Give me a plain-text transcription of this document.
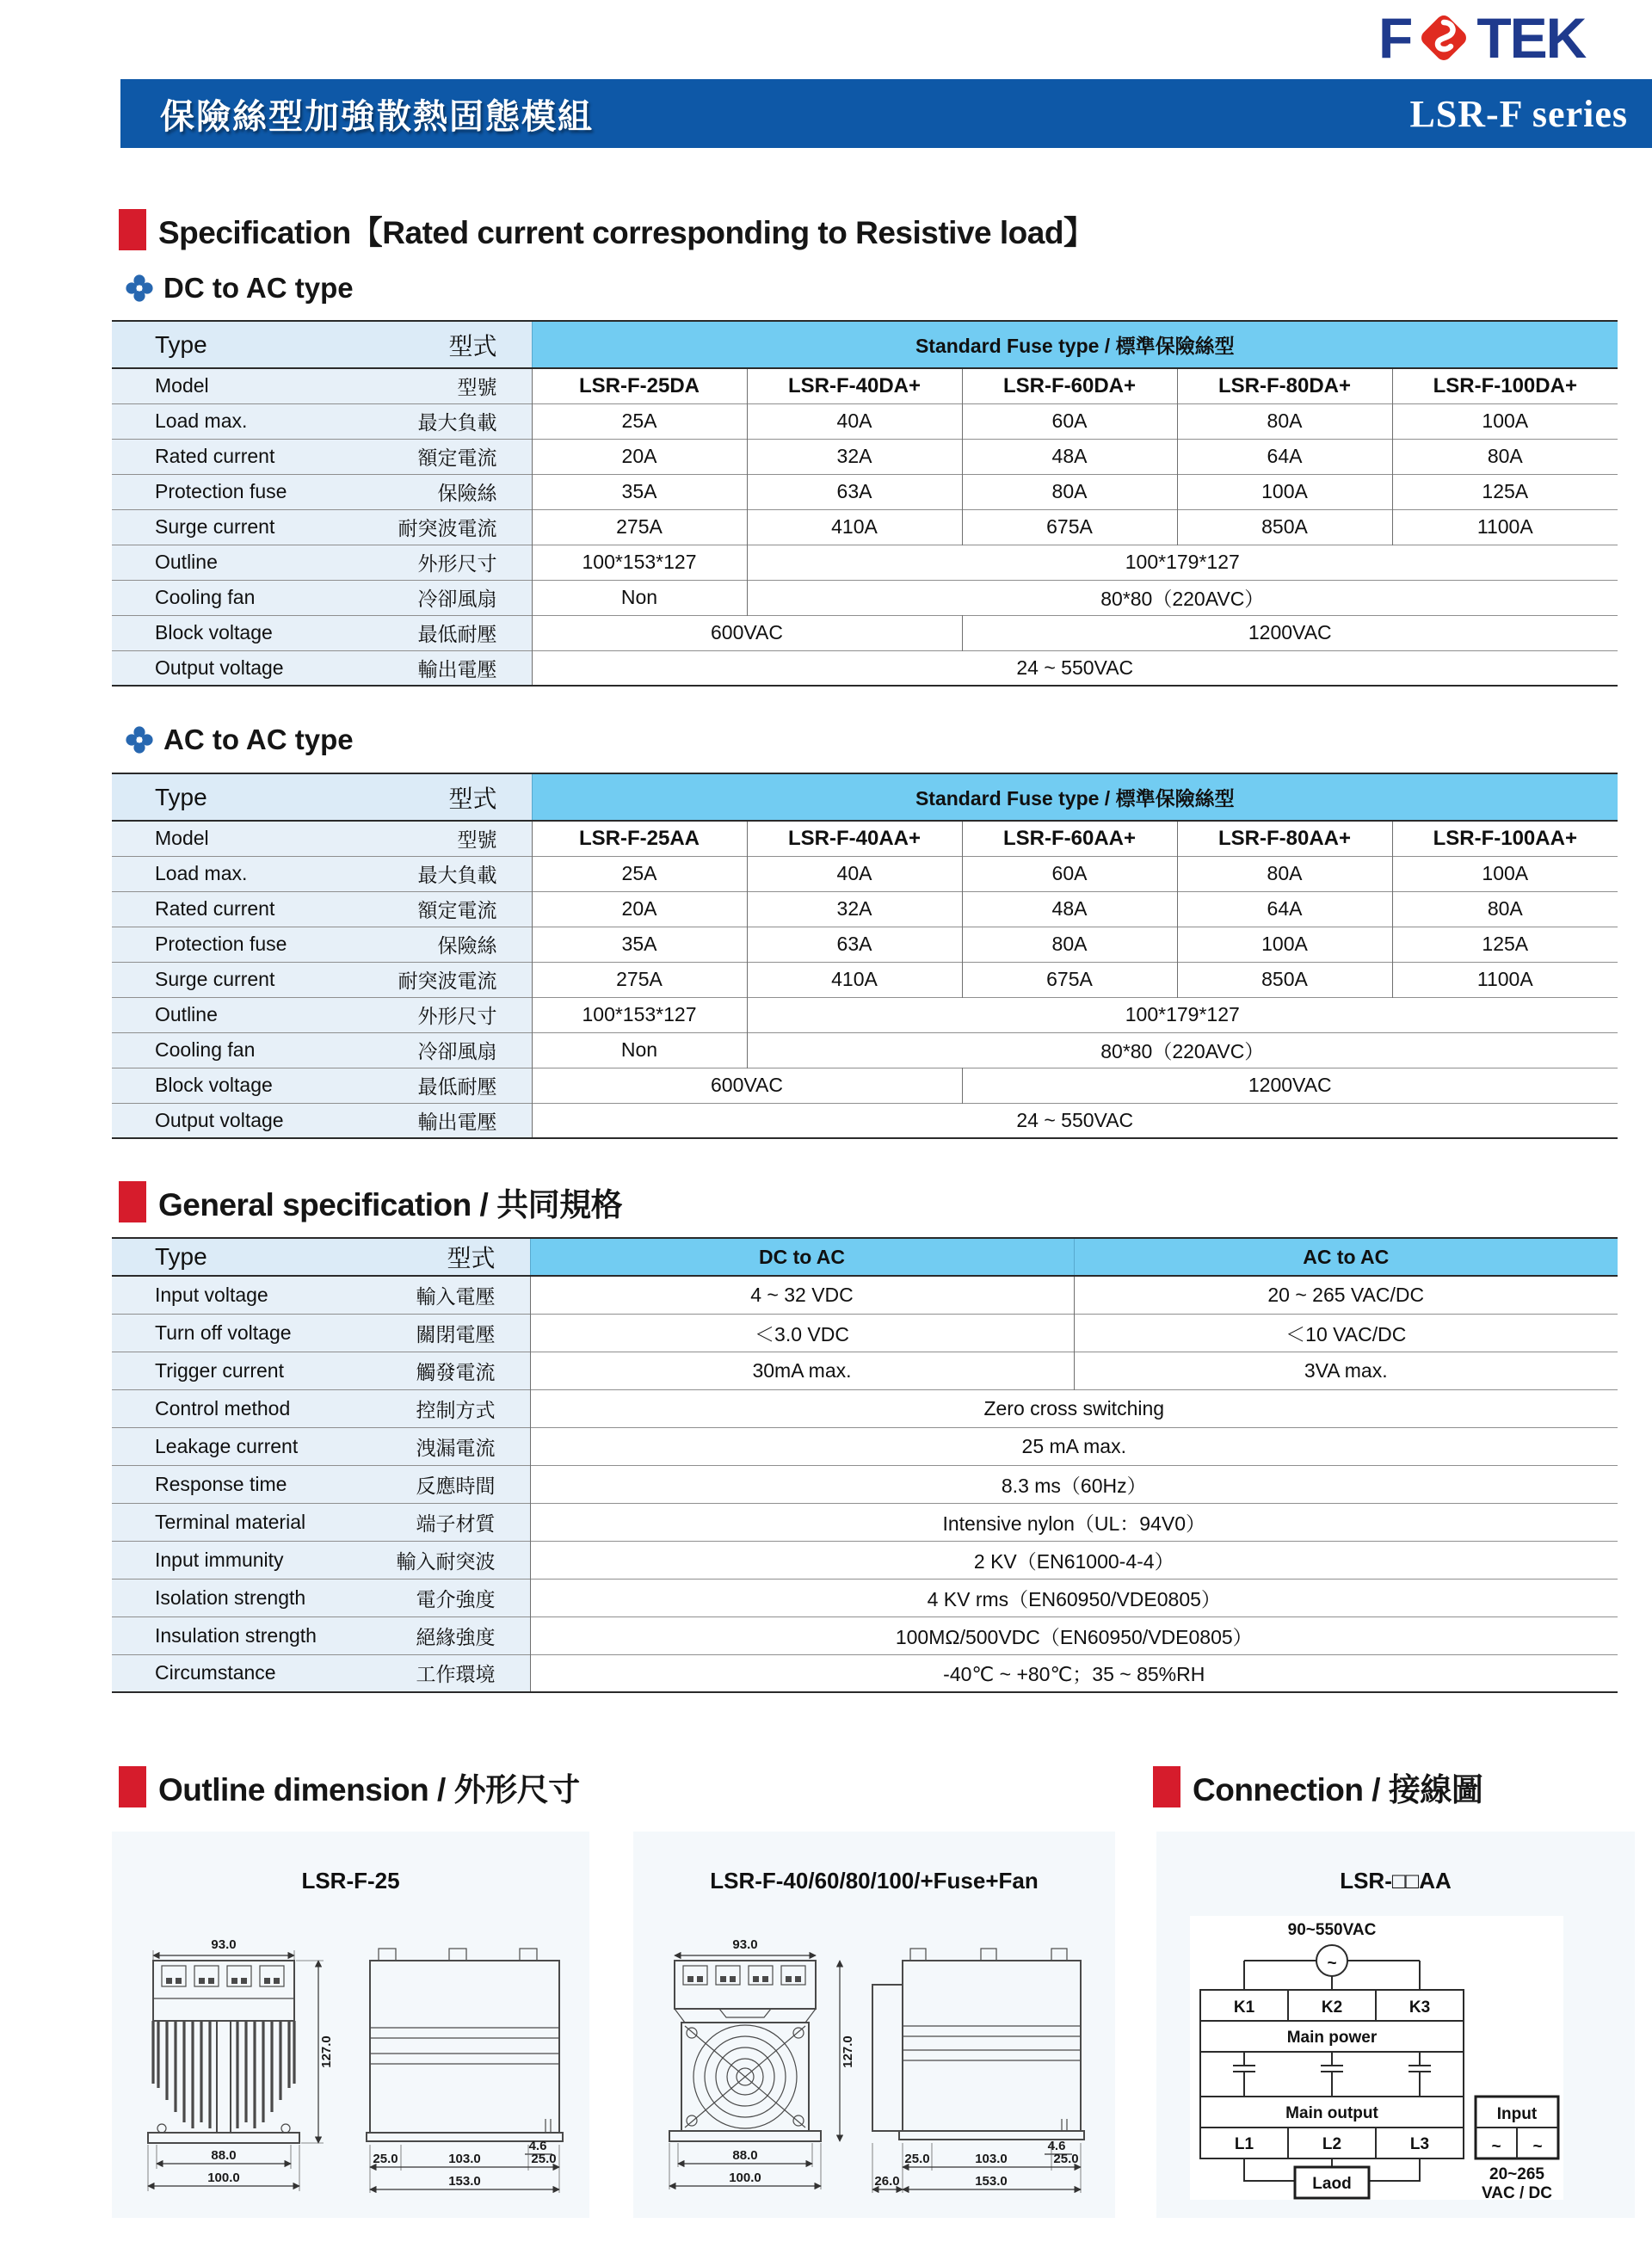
F TEK
保險絲型加強散熱固態模組	LSR-F series
Specification【Rated current corresponding to Resistive load】
DC to AC type
Type	型式	Standard Fuse type / 標準保險絲型				
Model	型號	LSR-F-25DA	LSR-F-40DA+	LSR-F-60DA+	LSR-F-80DA+	LSR-F-100DA+
Load max.	最大負載	25A	40A	60A	80A	100A
Rated current	額定電流	20A	32A	48A	64A	80A
Protection fuse	保險絲	35A	63A	80A	100A	125A
Surge current	耐突波電流	275A	410A	675A	850A	1100A
Outline	外形尺寸	100*153*127	100*179*127			
Cooling fan	冷卻風扇	Non	80*80（220AVC）			
Block voltage	最低耐壓	600VAC		1200VAC		
Output voltage	輸出電壓	24 ~ 550VAC				
AC to AC type
Type	型式	Standard Fuse type / 標準保險絲型				
Model	型號	LSR-F-25AA	LSR-F-40AA+	LSR-F-60AA+	LSR-F-80AA+	LSR-F-100AA+
Load max.	最大負載	25A	40A	60A	80A	100A
Rated current	額定電流	20A	32A	48A	64A	80A
Protection fuse	保險絲	35A	63A	80A	100A	125A
Surge current	耐突波電流	275A	410A	675A	850A	1100A
Outline	外形尺寸	100*153*127	100*179*127			
Cooling fan	冷卻風扇	Non	80*80（220AVC）			
Block voltage	最低耐壓	600VAC		1200VAC		
Output voltage	輸出電壓	24 ~ 550VAC				
General specification / 共同規格
Type	型式	DC to AC	AC to AC
Input voltage	輸入電壓	4 ~ 32 VDC	20 ~ 265 VAC/DC
Turn off voltage	關閉電壓	＜3.0 VDC	＜10 VAC/DC
Trigger current	觸發電流	30mA max.	3VA max.
Control method	控制方式	Zero cross switching	
Leakage current	洩漏電流	25 mA max.	
Response time	反應時間	8.3 ms（60Hz）	
Terminal material	端子材質	Intensive nylon（UL：94V0）	
Input immunity	輸入耐突波	2 KV（EN61000-4-4）	
Isolation strength	電介強度	4 KV rms（EN60950/VDE0805）	
Insulation strength	絕緣強度	100MΩ/500VDC（EN60950/VDE0805）	
Circumstance	工作環境	-40℃ ~ +80℃；35 ~ 85%RH	
Outline dimension / 外形尺寸	Connection / 接線圖
LSR-F-25
93.0
127.0
88.0
100.0
4.6
25.0	103.0	25.0
153.0
LSR-F-40/60/80/100/+Fuse+Fan
93.0
127.0
88.0
100.0
4.6
25.0	103.0	25.0
26.0	153.0
LSR-□□AA
90~550VAC
~
K1	K2	K3
Main power
Main output
L1	L2	L3
Laod
Input
~ ~
20~265
VAC / DC
